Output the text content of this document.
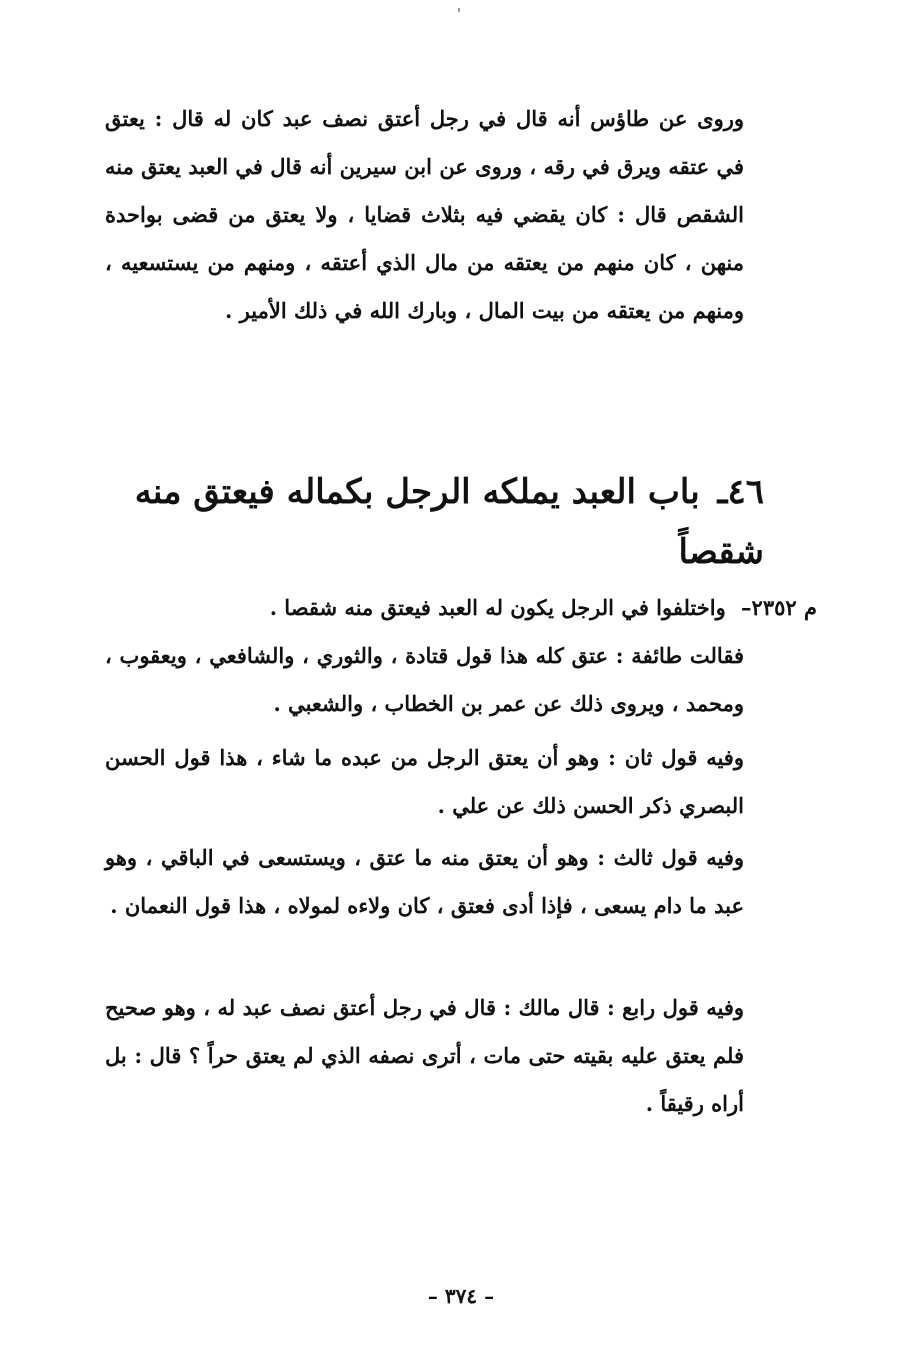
وروى عن طاؤس أنه قال في رجل أعتق نصف عبد كان له قال : يعتق في عتقه ويرق في رقه ، وروى عن ابن سيرين أنه قال في العبد يعتق منه الشقص قال : كان يقضي فيه بثلاث قضايا ، ولا يعتق من قضى بواحدة منهن ، كان منهم من يعتقه من مال الذي أعتقه ، ومنهم من يستسعيه ، ومنهم من يعتقه من بيت المال ، وبارك الله في ذلك الأمير .

٤٦ـ باب العبد يملكه الرجل بكماله فيعتق منه شقصاً
م ٢٣٥٢– واختلفوا في الرجل يكون له العبد فيعتق منه شقصا .

فقالت طائفة : عتق كله هذا قول قتادة ، والثوري ، والشافعي ، ويعقوب ، ومحمد ، ويروى ذلك عن عمر بن الخطاب ، والشعبي .

وفيه قول ثان : وهو أن يعتق الرجل من عبده ما شاء ، هذا قول الحسن البصري ذكر الحسن ذلك عن علي .

وفيه قول ثالث : وهو أن يعتق منه ما عتق ، ويستسعى في الباقي ، وهو عبد ما دام يسعى ، فإذا أدى فعتق ، كان ولاءه لمولاه ، هذا قول النعمان .

وفيه قول رابع : قال مالك : قال في رجل أعتق نصف عبد له ، وهو صحيح فلم يعتق عليه بقيته حتى مات ، أترى نصفه الذي لم يعتق حراً ؟ قال : بل أراه رقيقاً .

– ٣٧٤ –
